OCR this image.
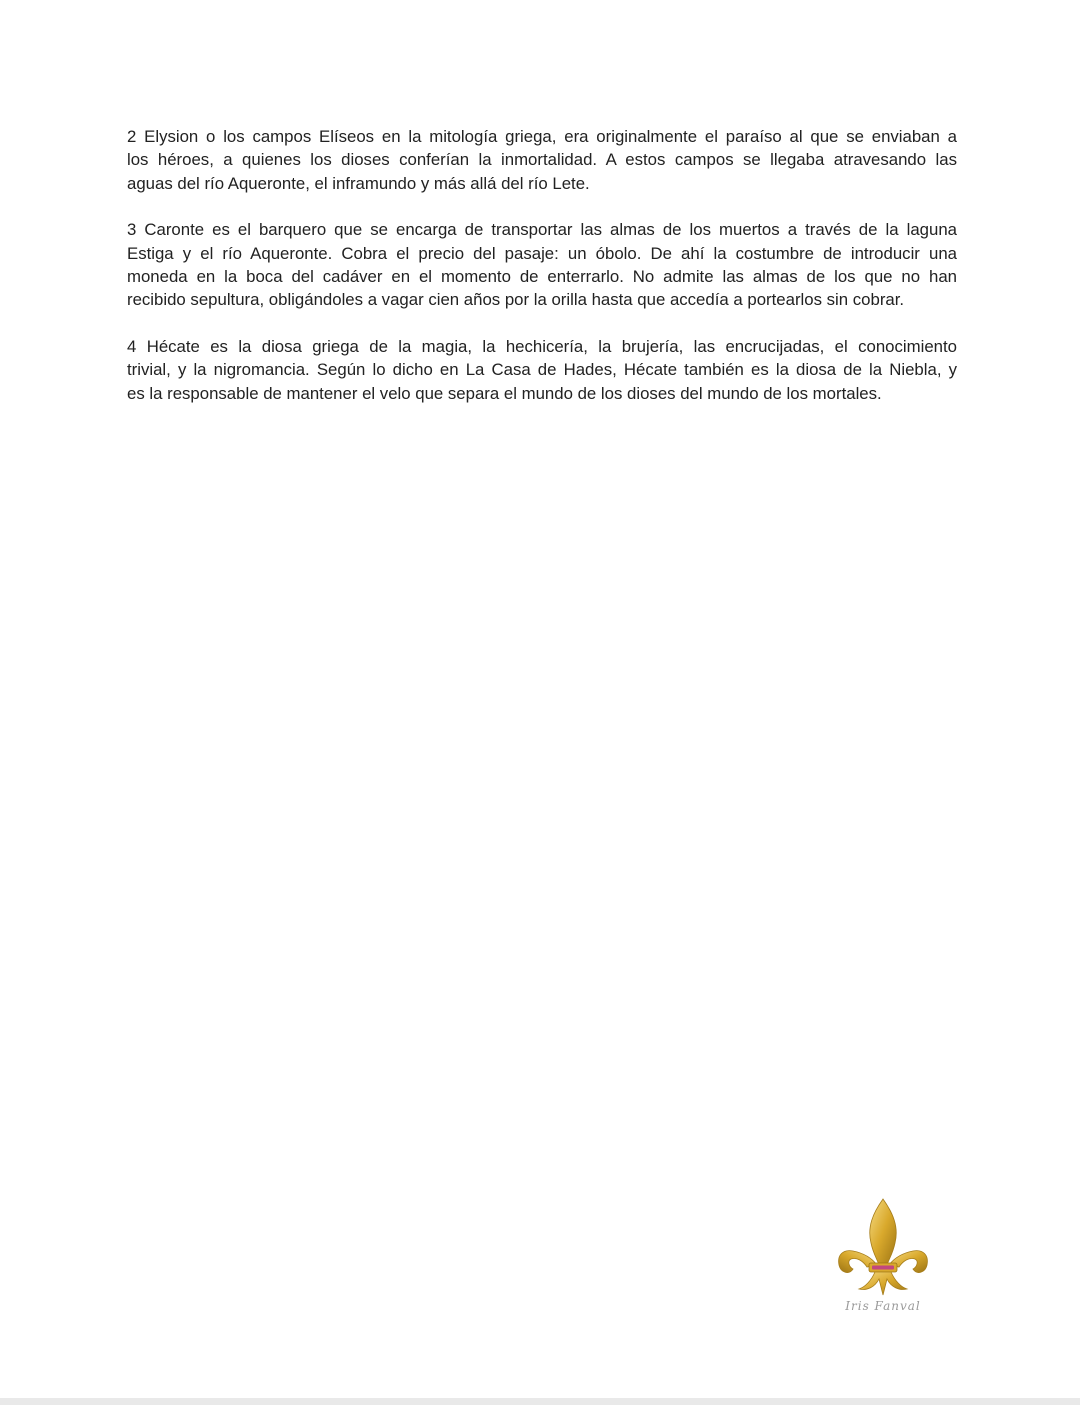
2 Elysion o los campos Elíseos en la mitología griega, era originalmente el paraíso al que se enviaban a
los héroes, a quienes los dioses conferían la inmortalidad. A estos campos se llegaba atravesando las
aguas del río Aqueronte, el inframundo y más allá del río Lete.

3 Caronte es el barquero que se encarga de transportar las almas de los muertos a través de la laguna
Estiga y el río Aqueronte. Cobra el precio del pasaje: un óbolo. De ahí la costumbre de introducir una
moneda en la boca del cadáver en el momento de enterrarlo. No admite las almas de los que no han
recibido sepultura, obligándoles a vagar cien años por la orilla hasta que accedía a portearlos sin cobrar.

4 Hécate es la diosa griega de la magia, la hechicería, la brujería, las encrucijadas, el conocimiento
trivial, y la nigromancia. Según lo dicho en La Casa de Hades, Hécate también es la diosa de la Niebla, y
es la responsable de mantener el velo que separa el mundo de los dioses del mundo de los mortales.

Iris Fanval
